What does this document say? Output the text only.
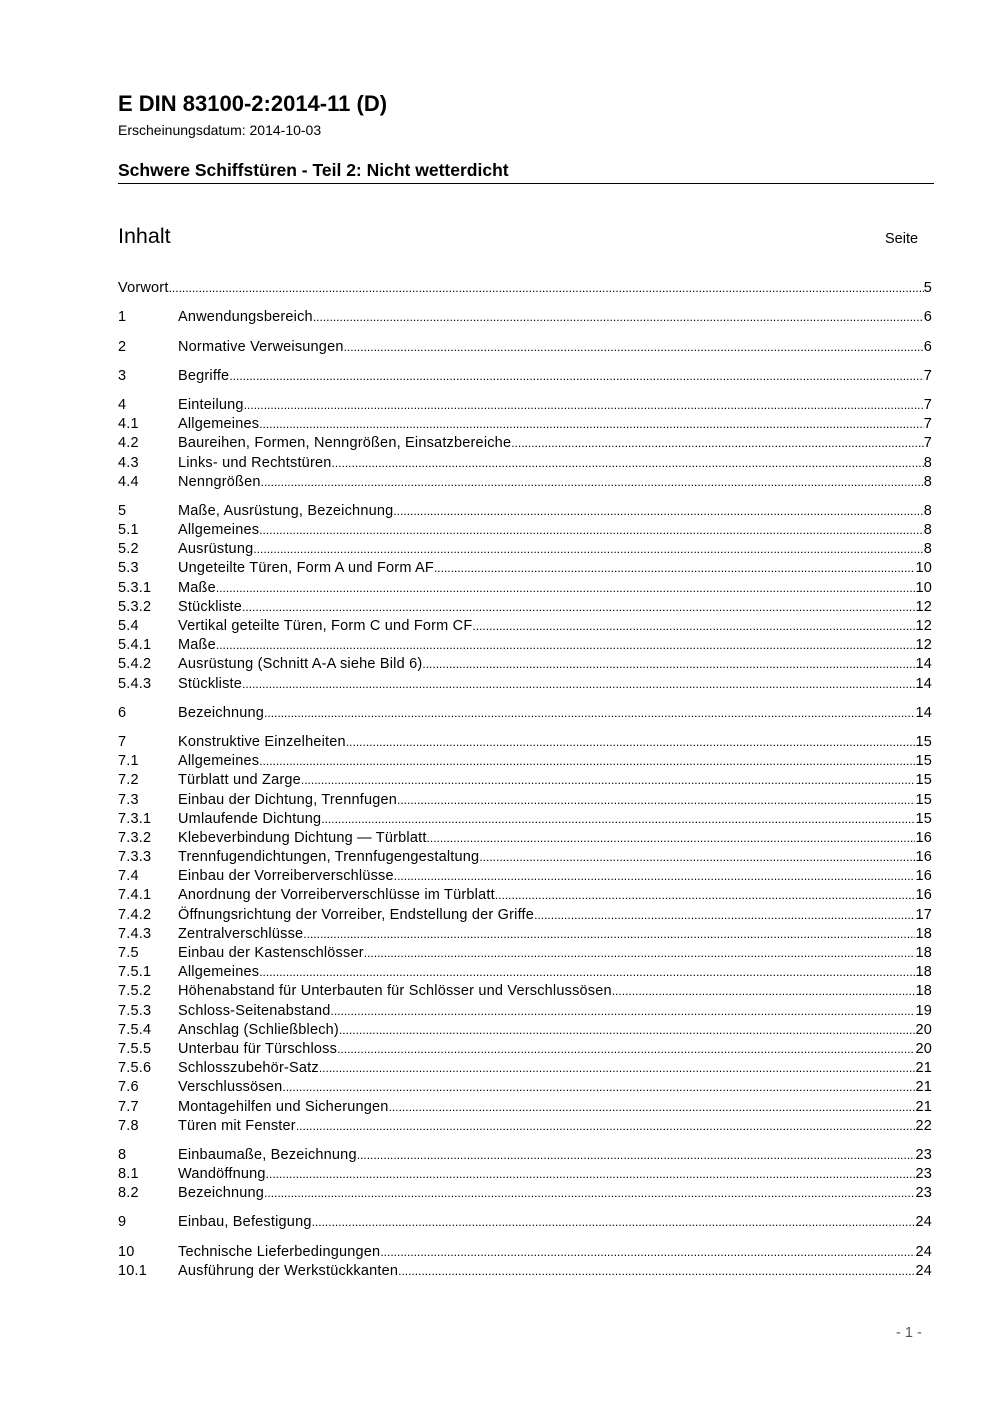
E DIN 83100-2:2014-11 (D)
Erscheinungsdatum: 2014-10-03
Schwere Schiffstüren - Teil 2: Nicht wetterdicht
Inhalt	Seite
Vorwort .....	5
1	Anwendungsbereich .....	6
2	Normative Verweisungen .....	6
3	Begriffe .....	7
4	Einteilung .....	7
4.1	Allgemeines .....	7
4.2	Baureihen, Formen, Nenngrößen, Einsatzbereiche .....	7
4.3	Links- und Rechtstüren .....	8
4.4	Nenngrößen .....	8
5	Maße, Ausrüstung, Bezeichnung .....	8
5.1	Allgemeines .....	8
5.2	Ausrüstung .....	8
5.3	Ungeteilte Türen, Form A und Form AF .....	10
5.3.1	Maße .....	10
5.3.2	Stückliste .....	12
5.4	Vertikal geteilte Türen, Form C und Form CF .....	12
5.4.1	Maße .....	12
5.4.2	Ausrüstung (Schnitt A-A siehe Bild 6) .....	14
5.4.3	Stückliste .....	14
6	Bezeichnung .....	14
7	Konstruktive Einzelheiten .....	15
7.1	Allgemeines .....	15
7.2	Türblatt und Zarge .....	15
7.3	Einbau der Dichtung, Trennfugen .....	15
7.3.1	Umlaufende Dichtung .....	15
7.3.2	Klebeverbindung Dichtung — Türblatt .....	16
7.3.3	Trennfugendichtungen, Trennfugengestaltung .....	16
7.4	Einbau der Vorreiberverschlüsse .....	16
7.4.1	Anordnung der Vorreiberverschlüsse im Türblatt .....	16
7.4.2	Öffnungsrichtung der Vorreiber, Endstellung der Griffe .....	17
7.4.3	Zentralverschlüsse .....	18
7.5	Einbau der Kastenschlösser .....	18
7.5.1	Allgemeines .....	18
7.5.2	Höhenabstand für Unterbauten für Schlösser und Verschlussösen .....	18
7.5.3	Schloss-Seitenabstand .....	19
7.5.4	Anschlag (Schließblech) .....	20
7.5.5	Unterbau für Türschloss .....	20
7.5.6	Schlosszubehör-Satz .....	21
7.6	Verschlussösen .....	21
7.7	Montagehilfen und Sicherungen .....	21
7.8	Türen mit Fenster .....	22
8	Einbaumaße, Bezeichnung .....	23
8.1	Wandöffnung .....	23
8.2	Bezeichnung .....	23
9	Einbau, Befestigung .....	24
10	Technische Lieferbedingungen .....	24
10.1	Ausführung der Werkstückkanten .....	24
- 1 -
